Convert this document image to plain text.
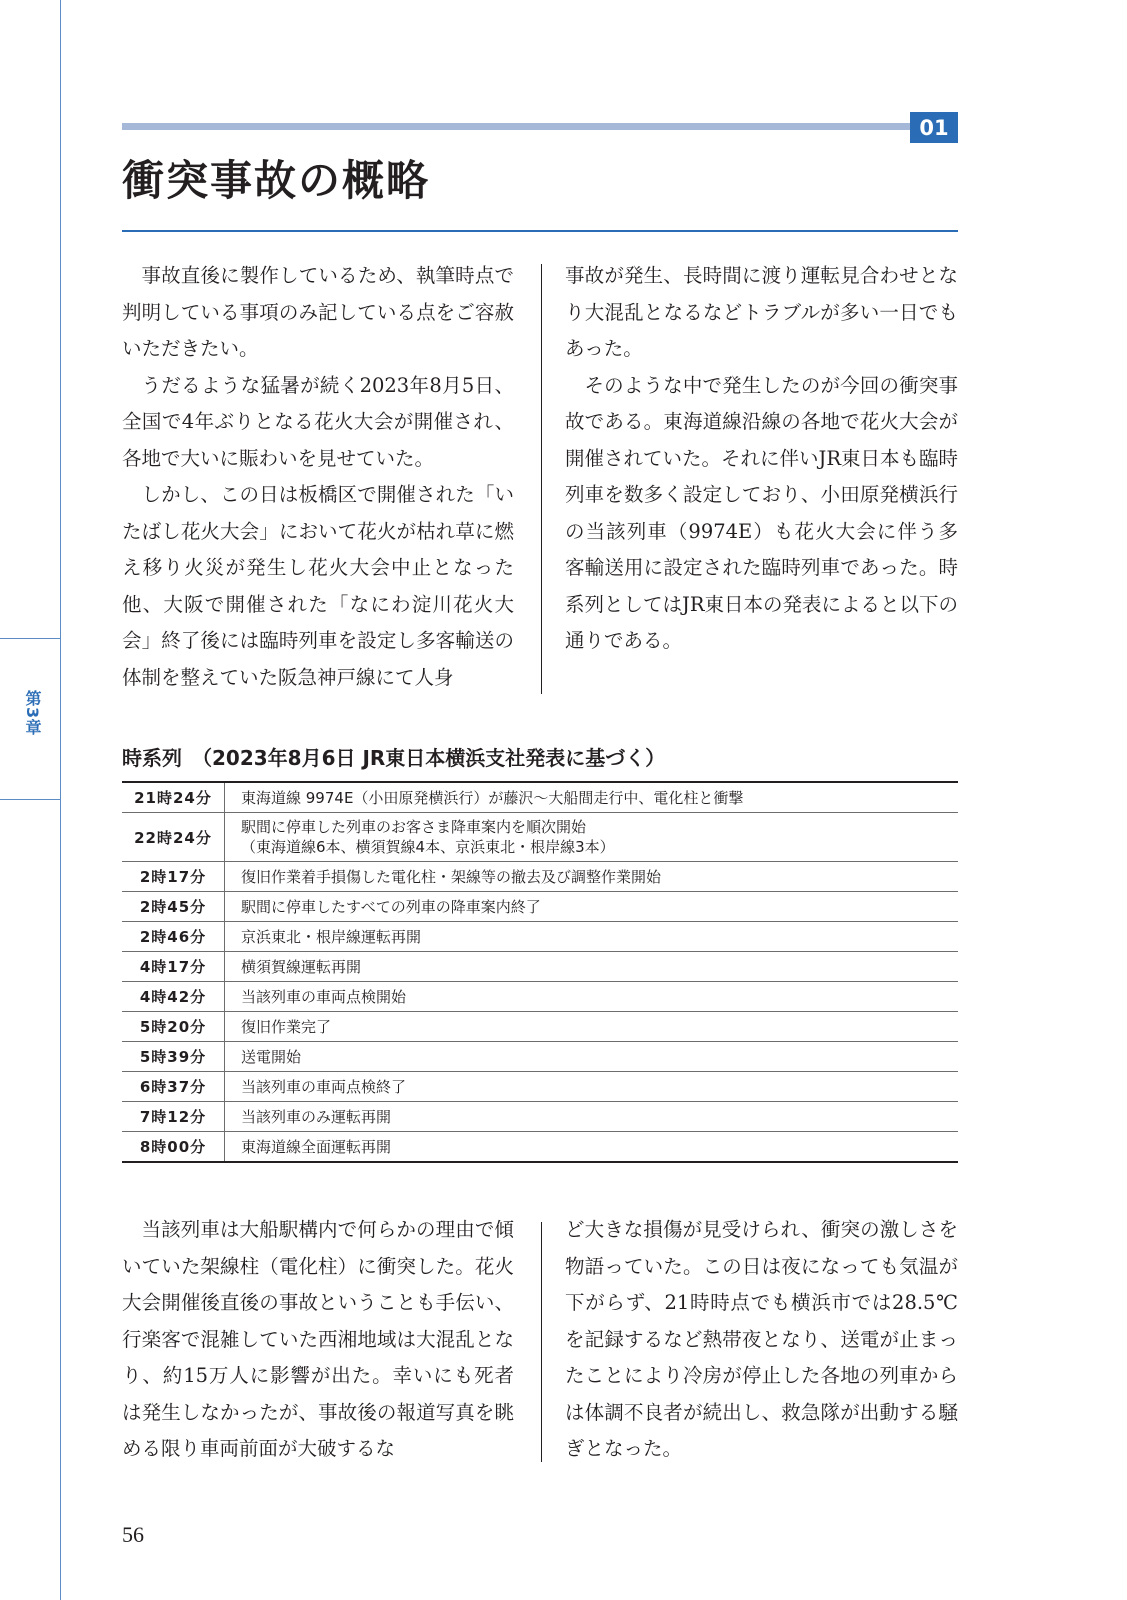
第3章
01
衝突事故の概略

事故直後に製作しているため、執筆時点で判明している事項のみ記している点をご容赦いただきたい。

うだるような猛暑が続く2023年8月5日、全国で4年ぶりとなる花火大会が開催され、各地で大いに賑わいを見せていた。

しかし、この日は板橋区で開催された「いたばし花火大会」において花火が枯れ草に燃え移り火災が発生し花火大会中止となった他、大阪で開催された「なにわ淀川花火大会」終了後には臨時列車を設定し多客輸送の体制を整えていた阪急神戸線にて人身

事故が発生、長時間に渡り運転見合わせとなり大混乱となるなどトラブルが多い一日でもあった。

そのような中で発生したのが今回の衝突事故である。東海道線沿線の各地で花火大会が開催されていた。それに伴いJR東日本も臨時列車を数多く設定しており、小田原発横浜行の当該列車（9974E）も花火大会に伴う多客輸送用に設定された臨時列車であった。時系列としてはJR東日本の発表によると以下の通りである。

時系列　（2023年8月6日 JR東日本横浜支社発表に基づく）
21時24分	東海道線 9974E（小田原発横浜行）が藤沢～大船間走行中、電化柱と衝撃

22時24分	駅間に停車した列車のお客さま降車案内を順次開始
（東海道線6本、横須賀線4本、京浜東北・根岸線3本）

2時17分	復旧作業着手損傷した電化柱・架線等の撤去及び調整作業開始

2時45分	駅間に停車したすべての列車の降車案内終了

2時46分	京浜東北・根岸線運転再開

4時17分	横須賀線運転再開

4時42分	当該列車の車両点検開始

5時20分	復旧作業完了

5時39分	送電開始

6時37分	当該列車の車両点検終了

7時12分	当該列車のみ運転再開

8時00分	東海道線全面運転再開

当該列車は大船駅構内で何らかの理由で傾いていた架線柱（電化柱）に衝突した。花火大会開催後直後の事故ということも手伝い、行楽客で混雑していた西湘地域は大混乱となり、約15万人に影響が出た。幸いにも死者は発生しなかったが、事故後の報道写真を眺める限り車両前面が大破するな

ど大きな損傷が見受けられ、衝突の激しさを物語っていた。この日は夜になっても気温が下がらず、21時時点でも横浜市では28.5℃を記録するなど熱帯夜となり、送電が止まったことにより冷房が停止した各地の列車からは体調不良者が続出し、救急隊が出動する騒ぎとなった。

56
